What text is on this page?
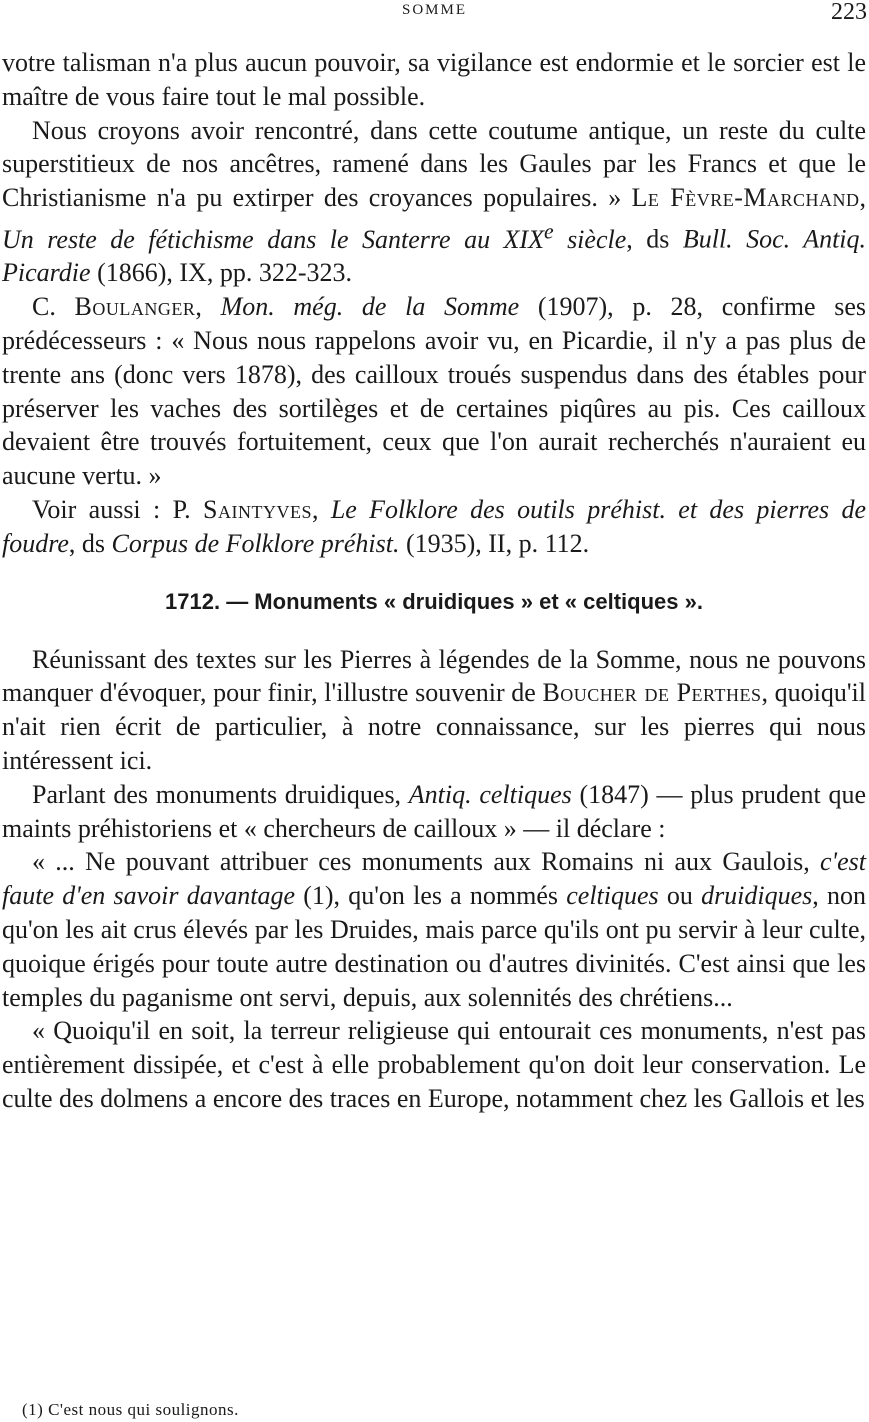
SOMME	223

votre talisman n'a plus aucun pouvoir, sa vigilance est endormie et le sorcier est le maître de vous faire tout le mal possible.

Nous croyons avoir rencontré, dans cette coutume antique, un reste du culte superstitieux de nos ancêtres, ramené dans les Gaules par les Francs et que le Christianisme n'a pu extirper des croyances populaires. » Le Fèvre-Marchand, Un reste de fétichisme dans le Santerre au XIXe siècle, ds Bull. Soc. Antiq. Picardie (1866), IX, pp. 322-323.

C. Boulanger, Mon. még. de la Somme (1907), p. 28, confirme ses prédécesseurs : « Nous nous rappelons avoir vu, en Picardie, il n'y a pas plus de trente ans (donc vers 1878), des cailloux troués suspendus dans des étables pour préserver les vaches des sortilèges et de certaines piqûres au pis. Ces cailloux devaient être trouvés fortuitement, ceux que l'on aurait recherchés n'auraient eu aucune vertu. »

Voir aussi : P. Saintyves, Le Folklore des outils préhist. et des pierres de foudre, ds Corpus de Folklore préhist. (1935), II, p. 112.

1712. — Monuments « druidiques » et « celtiques ».

Réunissant des textes sur les Pierres à légendes de la Somme, nous ne pouvons manquer d'évoquer, pour finir, l'illustre souvenir de Boucher de Perthes, quoiqu'il n'ait rien écrit de particulier, à notre connaissance, sur les pierres qui nous intéressent ici.

Parlant des monuments druidiques, Antiq. celtiques (1847) — plus prudent que maints préhistoriens et « chercheurs de cailloux » — il déclare :

« ... Ne pouvant attribuer ces monuments aux Romains ni aux Gaulois, c'est faute d'en savoir davantage (1), qu'on les a nommés celtiques ou druidiques, non qu'on les ait crus élevés par les Druides, mais parce qu'ils ont pu servir à leur culte, quoique érigés pour toute autre destination ou d'autres divinités. C'est ainsi que les temples du paganisme ont servi, depuis, aux solennités des chrétiens...

« Quoiqu'il en soit, la terreur religieuse qui entourait ces monuments, n'est pas entièrement dissipée, et c'est à elle probablement qu'on doit leur conservation. Le culte des dolmens a encore des traces en Europe, notamment chez les Gallois et les

(1) C'est nous qui soulignons.
